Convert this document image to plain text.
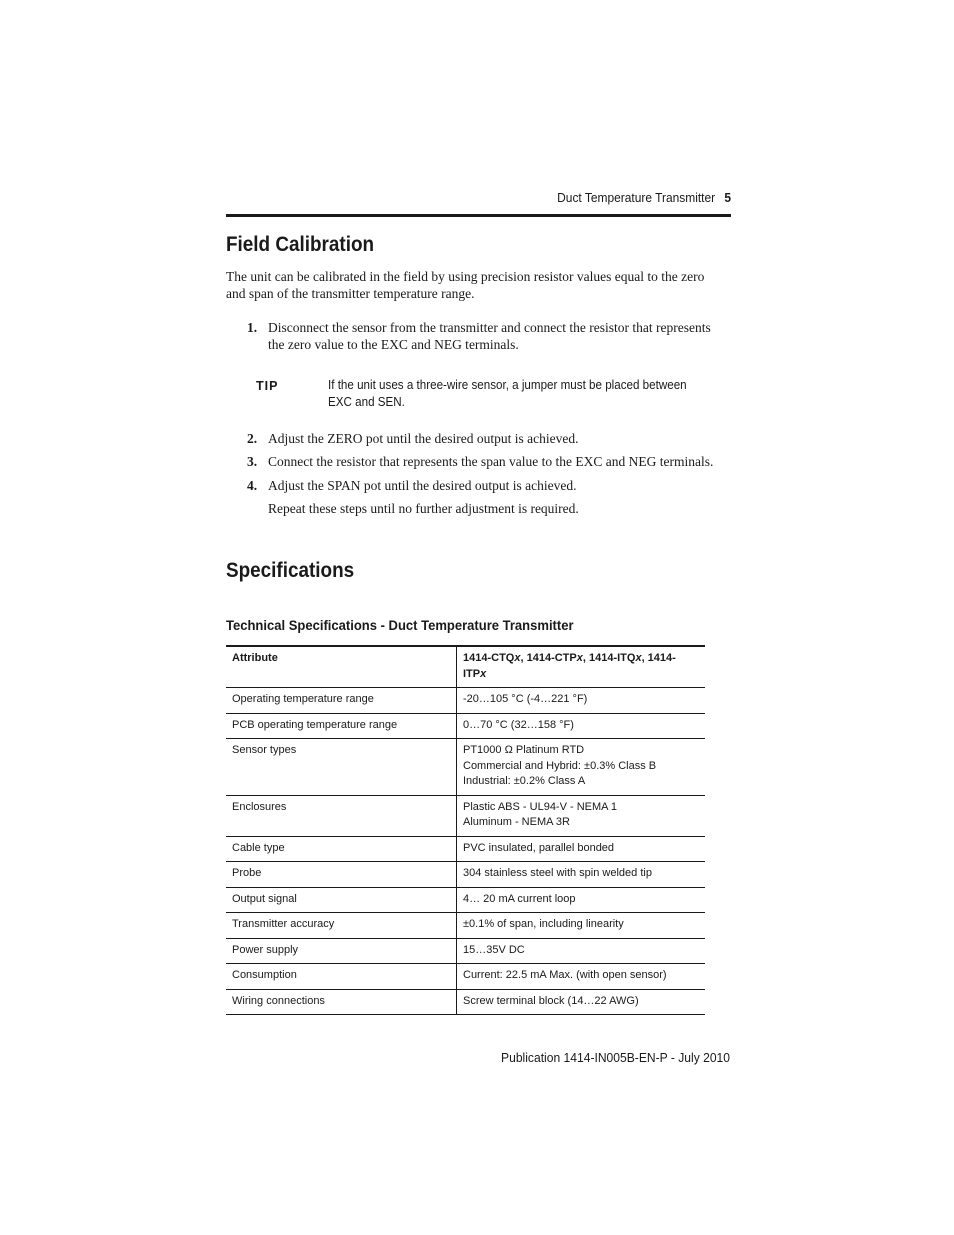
Duct Temperature Transmitter 5
Field Calibration

The unit can be calibrated in the field by using precision resistor values equal to the zero and span of the transmitter temperature range.

1. Disconnect the sensor from the transmitter and connect the resistor that represents the zero value to the EXC and NEG terminals.
TIP	If the unit uses a three-wire sensor, a jumper must be placed between EXC and SEN.
2. Adjust the ZERO pot until the desired output is achieved.
3. Connect the resistor that represents the span value to the EXC and NEG terminals.
4. Adjust the SPAN pot until the desired output is achieved.

Repeat these steps until no further adjustment is required.

Specifications
Technical Specifications - Duct Temperature Transmitter
Attribute	1414-CTQx, 1414-CTPx, 1414-ITQx, 1414-ITPx
Operating temperature range	-20…105 °C (-4…221 °F)

PCB operating temperature range	0…70 °C (32…158 °F)

Sensor types	PT1000 Ω Platinum RTD
Commercial and Hybrid: ±0.3% Class B
Industrial: ±0.2% Class A

Enclosures	Plastic ABS - UL94-V - NEMA 1
Aluminum - NEMA 3R

Cable type	PVC insulated, parallel bonded

Probe	304 stainless steel with spin welded tip

Output signal	4… 20 mA current loop

Transmitter accuracy	±0.1% of span, including linearity

Power supply	15…35V DC

Consumption	Current: 22.5 mA Max. (with open sensor)

Wiring connections	Screw terminal block (14…22 AWG)
Publication 1414-IN005B-EN-P - July 2010
